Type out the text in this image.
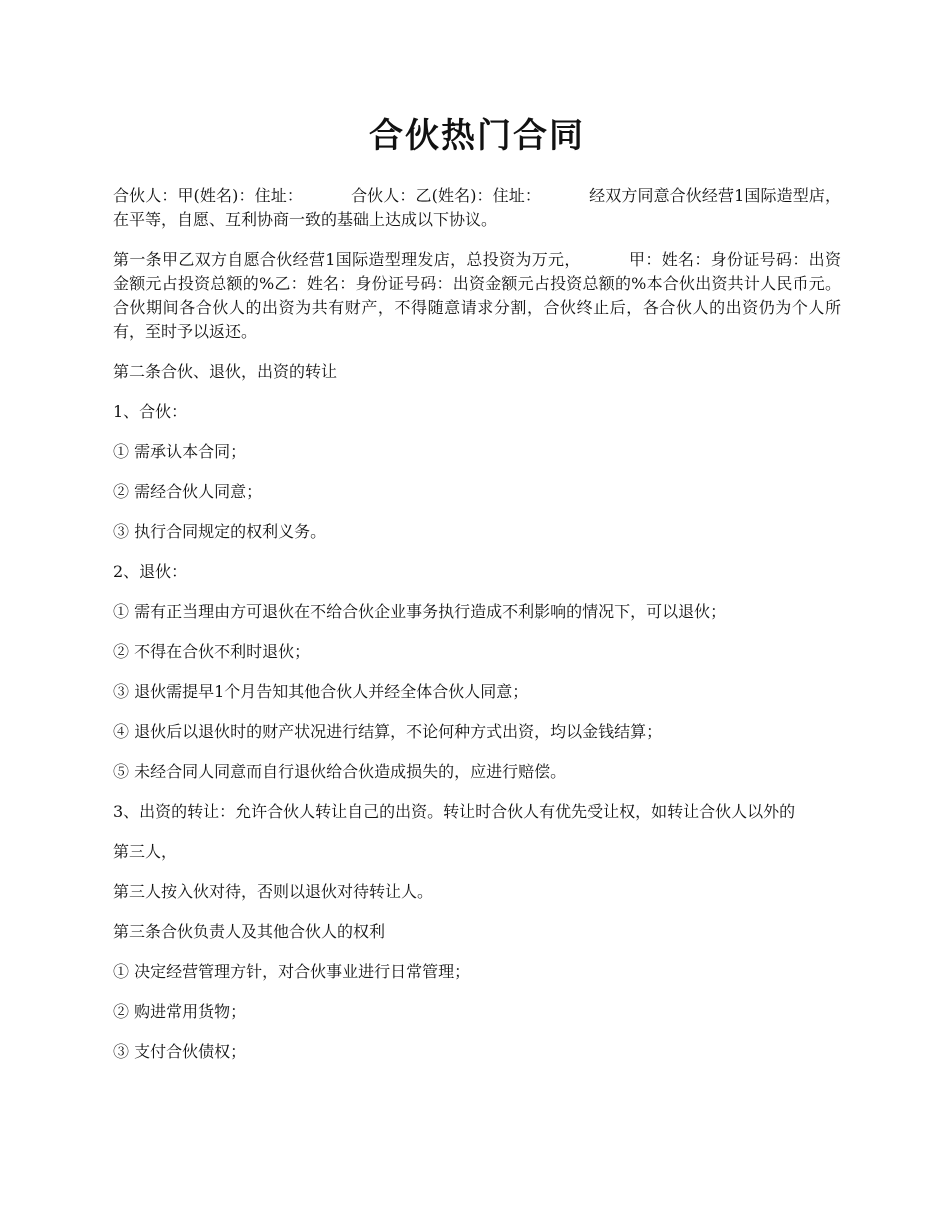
合伙热门合同

合伙人：甲(姓名)：住址：	合伙人：乙(姓名)：住址：	经双方同意合伙经营1国际造型店，在平等，自愿、互利协商一致的基础上达成以下协议。

第一条甲乙双方自愿合伙经营1国际造型理发店，总投资为万元，	甲：姓名：身份证号码：出资金额元占投资总额的%乙：姓名：身份证号码：出资金额元占投资总额的%本合伙出资共计人民币元。合伙期间各合伙人的出资为共有财产，不得随意请求分割，合伙终止后，各合伙人的出资仍为个人所有，至时予以返还。

第二条合伙、退伙，出资的转让

1、合伙：

① 需承认本合同；

② 需经合伙人同意；

③ 执行合同规定的权利义务。

2、退伙：

① 需有正当理由方可退伙在不给合伙企业事务执行造成不利影响的情况下，可以退伙；

② 不得在合伙不利时退伙；

③ 退伙需提早1个月告知其他合伙人并经全体合伙人同意；

④ 退伙后以退伙时的财产状况进行结算，不论何种方式出资，均以金钱结算；

⑤ 未经合同人同意而自行退伙给合伙造成损失的，应进行赔偿。

3、出资的转让：允许合伙人转让自己的出资。转让时合伙人有优先受让权，如转让合伙人以外的

第三人，

第三人按入伙对待，否则以退伙对待转让人。

第三条合伙负责人及其他合伙人的权利

① 决定经营管理方针，对合伙事业进行日常管理；

② 购进常用货物；

③ 支付合伙债权；
